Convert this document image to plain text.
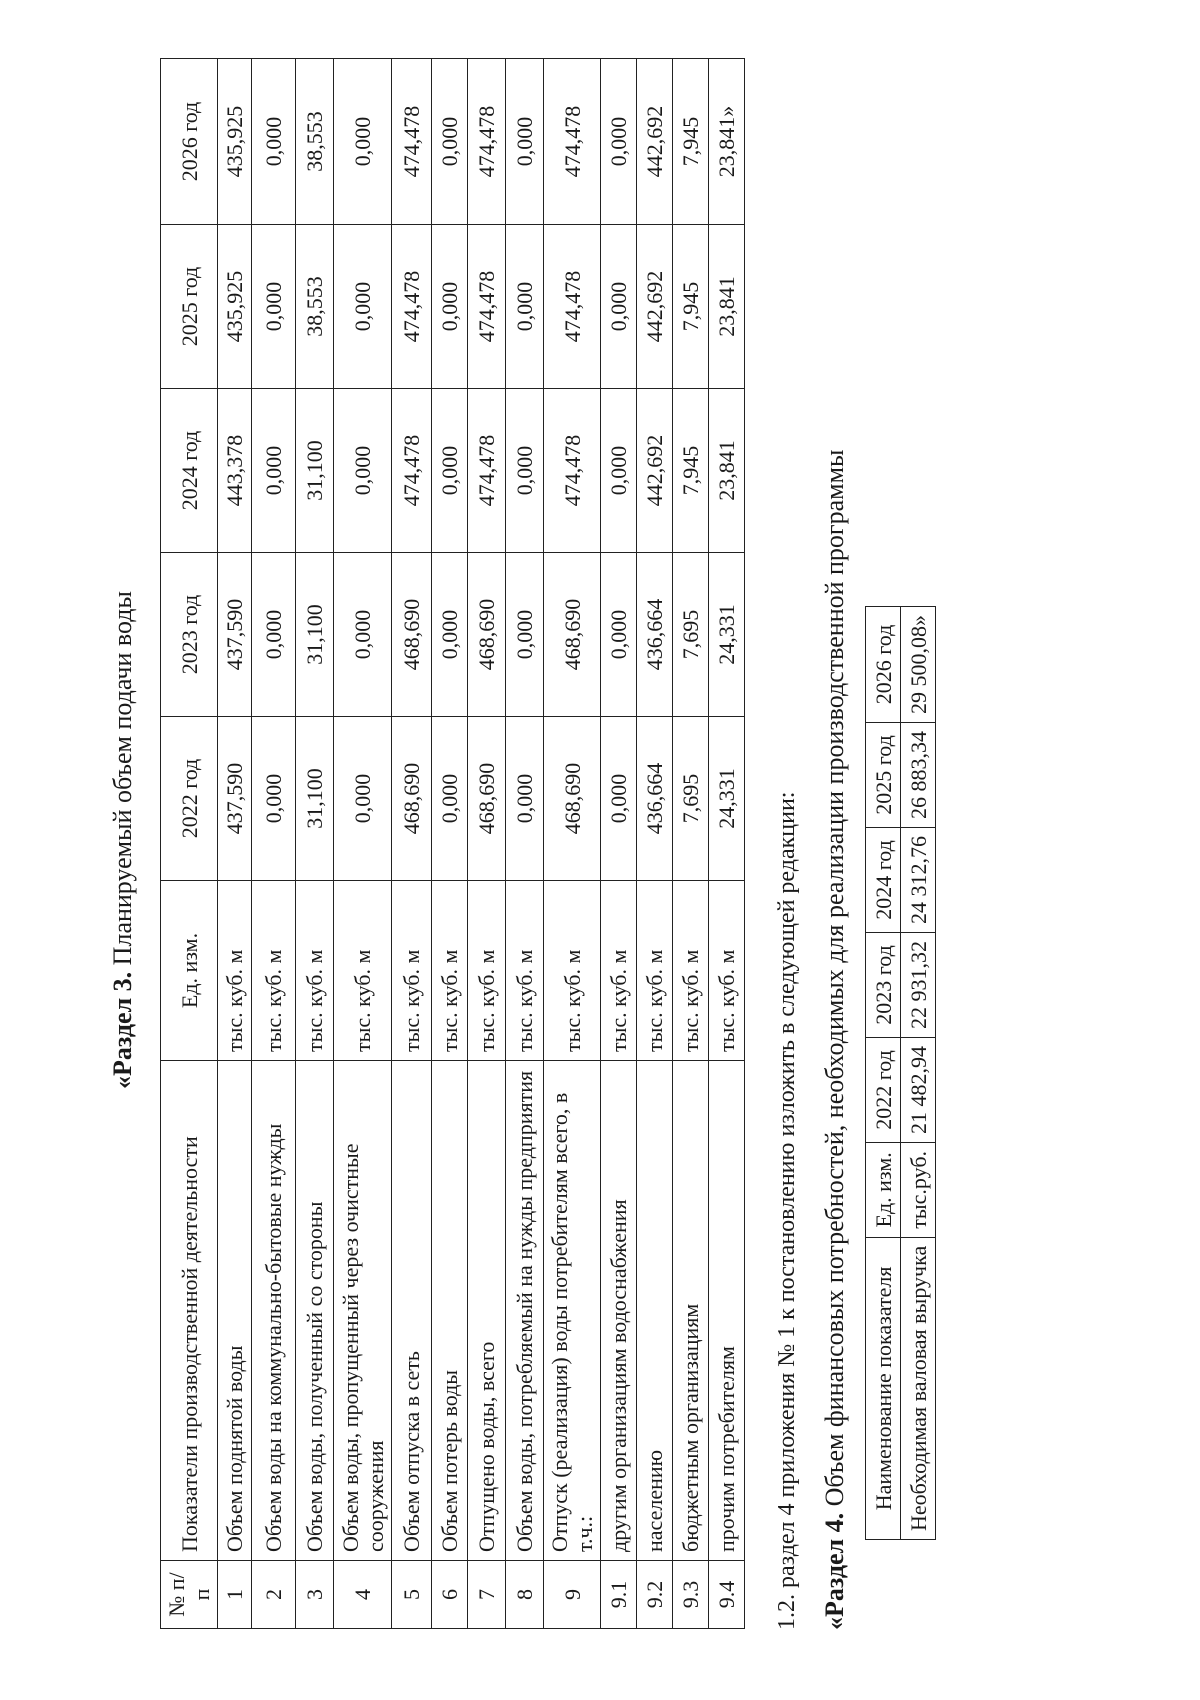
«Раздел 3. Планируемый объем подачи воды
№ п/п	Показатели производственной деятельности	Ед. изм.	2022 год	2023 год	2024 год	2025 год	2026 год
1	Объем поднятой воды	тыс. куб. м	437,590	437,590	443,378	435,925	435,925
2	Объем воды на коммунально-бытовые нужды	тыс. куб. м	0,000	0,000	0,000	0,000	0,000
3	Объем воды, полученный со стороны	тыс. куб. м	31,100	31,100	31,100	38,553	38,553
4	Объем воды, пропущенный через очистные сооружения	тыс. куб. м	0,000	0,000	0,000	0,000	0,000
5	Объем отпуска в сеть	тыс. куб. м	468,690	468,690	474,478	474,478	474,478
6	Объем потерь воды	тыс. куб. м	0,000	0,000	0,000	0,000	0,000
7	Отпущено воды, всего	тыс. куб. м	468,690	468,690	474,478	474,478	474,478
8	Объем воды, потребляемый на нужды предприятия	тыс. куб. м	0,000	0,000	0,000	0,000	0,000
9	Отпуск (реализация) воды потребителям всего, в т.ч.:	тыс. куб. м	468,690	468,690	474,478	474,478	474,478
9.1	другим организациям водоснабжения	тыс. куб. м	0,000	0,000	0,000	0,000	0,000
9.2	населению	тыс. куб. м	436,664	436,664	442,692	442,692	442,692
9.3	бюджетным организациям	тыс. куб. м	7,695	7,695	7,945	7,945	7,945
9.4	прочим потребителям	тыс. куб. м	24,331	24,331	23,841	23,841	23,841»
1.2. раздел 4 приложения № 1 к постановлению изложить в следующей редакции: «Раздел 4. Объем финансовых потребностей, необходимых для реализации производственной программы Наименование показателя	Ед. изм.	2022 год	2023 год	2024 год	2025 год	2026 год
Необходимая валовая выручка	тыс.руб.	21 482,94	22 931,32	24 312,76	26 883,34	29 500,08»
